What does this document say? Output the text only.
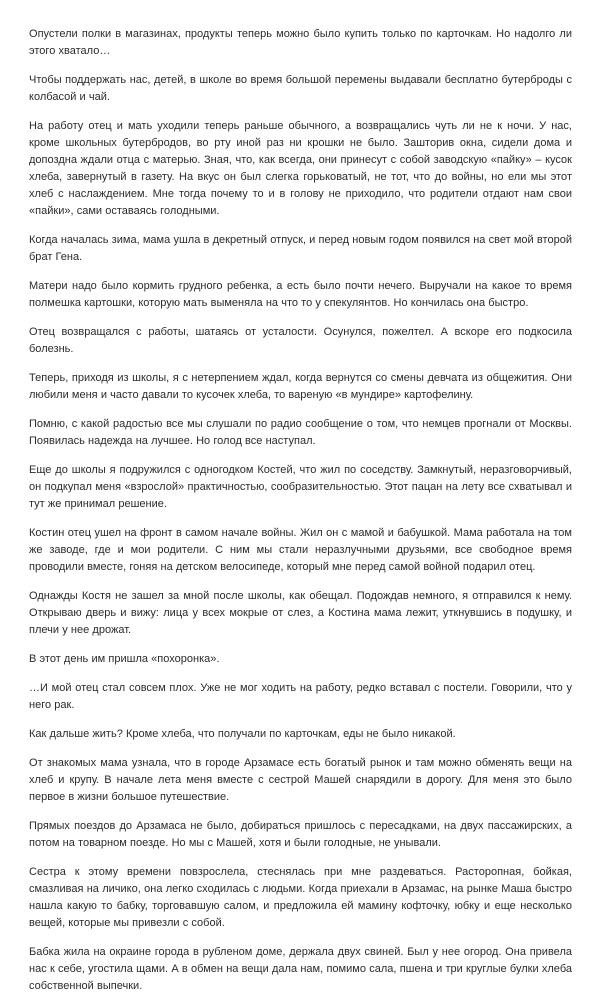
Опустели полки в магазинах, продукты теперь можно было купить только по карточкам. Но надолго ли этого хватало…

Чтобы поддержать нас, детей, в школе во время большой перемены выдавали бесплатно бутерброды с колбасой и чай.

На работу отец и мать уходили теперь раньше обычного, а возвращались чуть ли не к ночи. У нас, кроме школьных бутербродов, во рту иной раз ни крошки не было. Зашторив окна, сидели дома и допоздна ждали отца с матерью. Зная, что, как всегда, они принесут с собой заводскую «пайку» – кусок хлеба, завернутый в газету. На вкус он был слегка горьковатый, не тот, что до войны, но ели мы этот хлеб с наслаждением. Мне тогда почему то и в голову не приходило, что родители отдают нам свои «пайки», сами оставаясь голодными.

Когда началась зима, мама ушла в декретный отпуск, и перед новым годом появился на свет мой второй брат Гена.

Матери надо было кормить грудного ребенка, а есть было почти нечего. Выручали на какое то время полмешка картошки, которую мать выменяла на что то у спекулянтов. Но кончилась она быстро.

Отец возвращался с работы, шатаясь от усталости. Осунулся, пожелтел. А вскоре его подкосила болезнь.

Теперь, приходя из школы, я с нетерпением ждал, когда вернутся со смены девчата из общежития. Они любили меня и часто давали то кусочек хлеба, то вареную «в мундире» картофелину.

Помню, с какой радостью все мы слушали по радио сообщение о том, что немцев прогнали от Москвы. Появилась надежда на лучшее. Но голод все наступал.

Еще до школы я подружился с одногодком Костей, что жил по соседству. Замкнутый, неразговорчивый, он подкупал меня «взрослой» практичностью, сообразительностью. Этот пацан на лету все схватывал и тут же принимал решение.

Костин отец ушел на фронт в самом начале войны. Жил он с мамой и бабушкой. Мама работала на том же заводе, где и мои родители. С ним мы стали неразлучными друзьями, все свободное время проводили вместе, гоняя на детском велосипеде, который мне перед самой войной подарил отец.

Однажды Костя не зашел за мной после школы, как обещал. Подождав немного, я отправился к нему. Открываю дверь и вижу: лица у всех мокрые от слез, а Костина мама лежит, уткнувшись в подушку, и плечи у нее дрожат.

В этот день им пришла «похоронка».

…И мой отец стал совсем плох. Уже не мог ходить на работу, редко вставал с постели. Говорили, что у него рак.

Как дальше жить? Кроме хлеба, что получали по карточкам, еды не было никакой.

От знакомых мама узнала, что в городе Арзамасе есть богатый рынок и там можно обменять вещи на хлеб и крупу. В начале лета меня вместе с сестрой Машей снарядили в дорогу. Для меня это было первое в жизни большое путешествие.

Прямых поездов до Арзамаса не было, добираться пришлось с пересадками, на двух пассажирских, а потом на товарном поезде. Но мы с Машей, хотя и были голодные, не унывали.

Сестра к этому времени повзрослела, стеснялась при мне раздеваться. Расторопная, бойкая, смазливая на личико, она легко сходилась с людьми. Когда приехали в Арзамас, на рынке Маша быстро нашла какую то бабку, торговавшую салом, и предложила ей мамину кофточку, юбку и еще несколько вещей, которые мы привезли с собой.

Бабка жила на окраине города в рубленом доме, держала двух свиней. Был у нее огород. Она привела нас к себе, угостила щами. А в обмен на вещи дала нам, помимо сала, пшена и три круглые булки хлеба собственной выпечки.
